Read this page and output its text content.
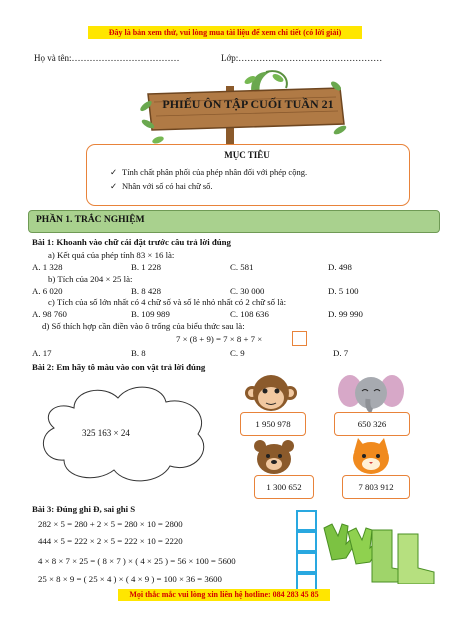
Đây là bản xem thử, vui lòng mua tài liệu để xem chi tiết (có lời giải)
Họ và tên:………………………………	Lớp:…………………………………………
PHIẾU ÔN TẬP CUỐI TUẦN 21
MỤC TIÊU
✓ Tính chất phân phối của phép nhân đối với phép cộng.
✓ Nhân với số có hai chữ số.
PHẦN 1. TRẮC NGHIỆM
Bài 1: Khoanh vào chữ cái đặt trước câu trả lời đúng
a) Kết quả của phép tính 83 × 16 là:
A. 1 328	B. 1 228	C. 581	D. 498
b) Tích của 204 × 25 là:
A. 6 020	B. 8 428	C. 30 000	D. 5 100
c) Tích của số lớn nhất có 4 chữ số và số lẻ nhỏ nhất có 2 chữ số là:
A. 98 760	B. 109 989	C. 108 636	D. 99 990
d) Số thích hợp cần điền vào ô trống của biểu thức sau là:
7 × (8 + 9) = 7 × 8 + 7 ×
A. 17	B. 8	C. 9	D. 7
Bài 2: Em hãy tô màu vào con vật trả lời đúng
325 163 × 24
1 950 978	650 326
1 300 652	7 803 912
Bài 3: Đúng ghi Đ, sai ghi S
282 × 5 = 280 + 2 × 5 = 280 × 10 = 2800
444 × 5 = 222 × 2 × 5 = 222 × 10 = 2220
4 × 8 × 7 × 25 = ( 8 × 7 ) × ( 4 × 25 ) = 56 × 100 = 5600
25 × 8 × 9 = ( 25 × 4 ) × ( 4 × 9 ) = 100 × 36 = 3600
Mọi thắc mắc vui lòng xin liên hệ hotline: 084 283 45 85
